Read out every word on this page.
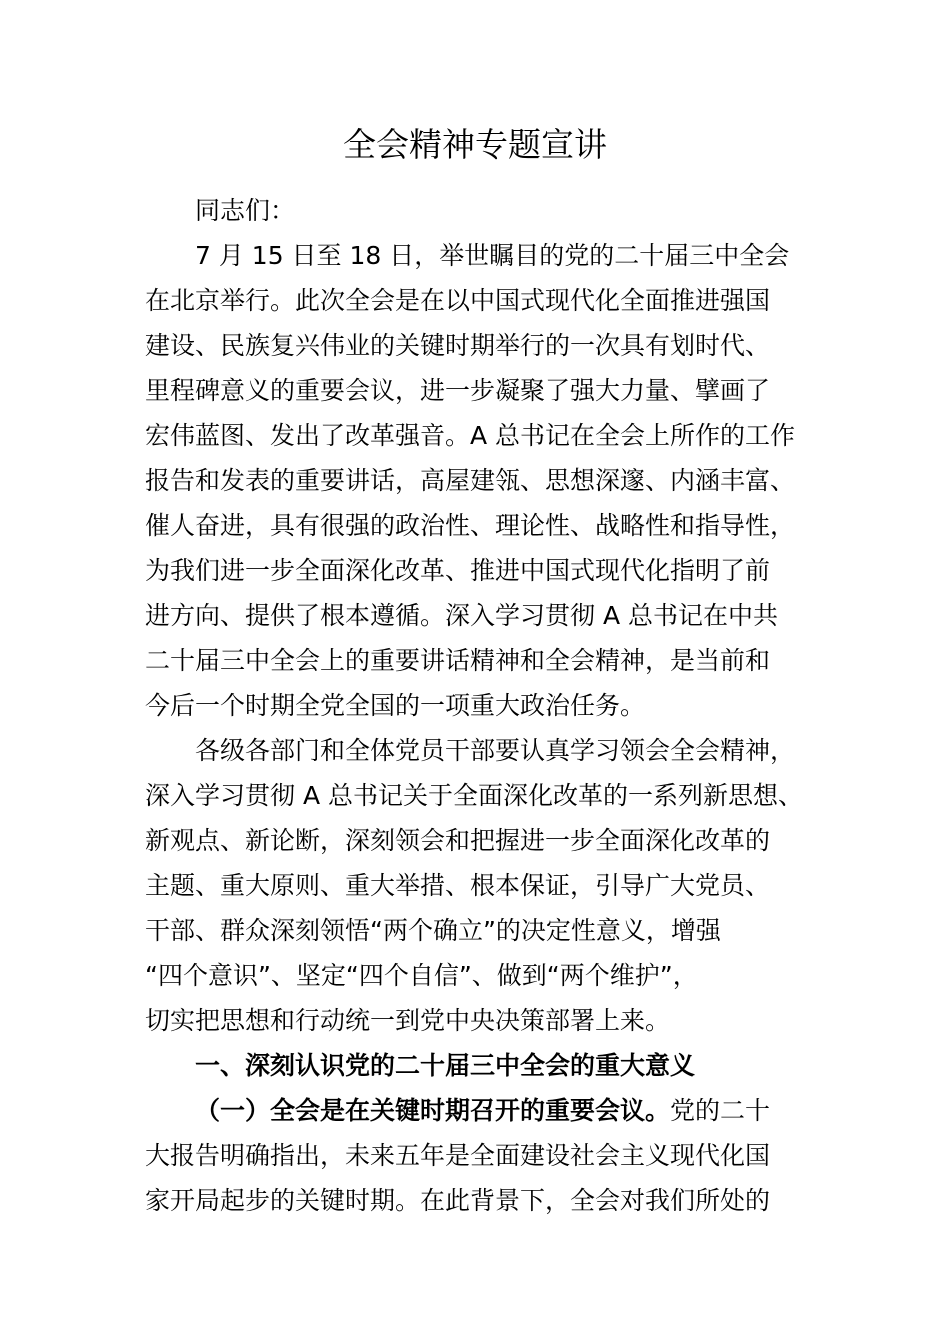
全会精神专题宣讲

同志们：

7 月 15 日至 18 日，举世瞩目的党的二十届三中全会
在北京举行。此次全会是在以中国式现代化全面推进强国
建设、民族复兴伟业的关键时期举行的一次具有划时代、
里程碑意义的重要会议，进一步凝聚了强大力量、擘画了
宏伟蓝图、发出了改革强音。A 总书记在全会上所作的工作
报告和发表的重要讲话，高屋建瓴、思想深邃、内涵丰富、
催人奋进，具有很强的政治性、理论性、战略性和指导性，
为我们进一步全面深化改革、推进中国式现代化指明了前
进方向、提供了根本遵循。深入学习贯彻 A 总书记在中共
二十届三中全会上的重要讲话精神和全会精神，是当前和
今后一个时期全党全国的一项重大政治任务。

各级各部门和全体党员干部要认真学习领会全会精神，
深入学习贯彻 A 总书记关于全面深化改革的一系列新思想、
新观点、新论断，深刻领会和把握进一步全面深化改革的
主题、重大原则、重大举措、根本保证，引导广大党员、
干部、群众深刻领悟“两个确立”的决定性意义，增强
“四个意识”、坚定“四个自信”、做到“两个维护”，
切实把思想和行动统一到党中央决策部署上来。

一、深刻认识党的二十届三中全会的重大意义

（一）全会是在关键时期召开的重要会议。党的二十
大报告明确指出，未来五年是全面建设社会主义现代化国
家开局起步的关键时期。在此背景下，全会对我们所处的
